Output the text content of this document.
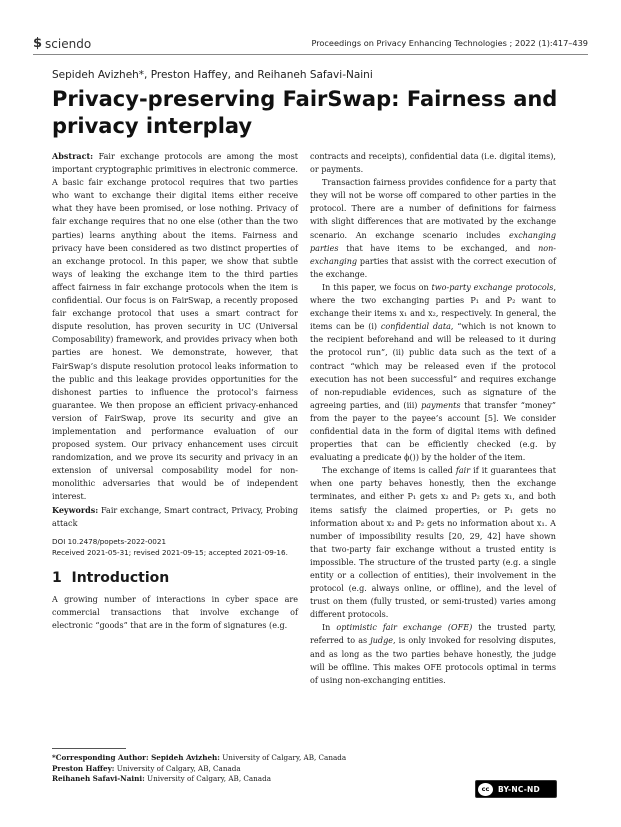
$ sciendo	Proceedings on Privacy Enhancing Technologies ; 2022 (1):417–439
Sepideh Avizheh*, Preston Haffey, and Reihaneh Safavi-Naini
Privacy-preserving FairSwap: Fairness and privacy interplay

Abstract: Fair exchange protocols are among the most important cryptographic primitives in electronic commerce. A basic fair exchange protocol requires that two parties who want to exchange their digital items either receive what they have been promised, or lose nothing. Privacy of fair exchange requires that no one else (other than the two parties) learns anything about the items. Fairness and privacy have been considered as two distinct properties of an exchange protocol. In this paper, we show that subtle ways of leaking the exchange item to the third parties affect fairness in fair exchange protocols when the item is confidential. Our focus is on FairSwap, a recently proposed fair exchange protocol that uses a smart contract for dispute resolution, has proven security in UC (Universal Composability) framework, and provides privacy when both parties are honest. We demonstrate, however, that FairSwap’s dispute resolution protocol leaks information to the public and this leakage provides opportunities for the dishonest parties to influence the protocol’s fairness guarantee. We then propose an efficient privacy-enhanced version of FairSwap, prove its security and give an implementation and performance evaluation of our proposed system. Our privacy enhancement uses circuit randomization, and we prove its security and privacy in an extension of universal composability model for non-monolithic adversaries that would be of independent interest.

Keywords: Fair exchange, Smart contract, Privacy, Probing attack

DOI 10.2478/popets-2022-0021
Received 2021-05-31; revised 2021-09-15; accepted 2021-09-16.
1 Introduction

A growing number of interactions in cyber space are commercial transactions that involve exchange of electronic “goods” that are in the form of signatures (e.g.

contracts and receipts), confidential data (i.e. digital items), or payments.

Transaction fairness provides confidence for a party that they will not be worse off compared to other parties in the protocol. There are a number of definitions for fairness with slight differences that are motivated by the exchange scenario. An exchange scenario includes exchanging parties that have items to be exchanged, and non-exchanging parties that assist with the correct execution of the exchange.

In this paper, we focus on two-party exchange protocols, where the two exchanging parties P₁ and P₂ want to exchange their items x₁ and x₂, respectively. In general, the items can be (i) confidential data, “which is not known to the recipient beforehand and will be released to it during the protocol run”, (ii) public data such as the text of a contract “which may be released even if the protocol execution has not been successful” and requires exchange of non-repudiable evidences, such as signature of the agreeing parties, and (iii) payments that transfer “money” from the payer to the payee’s account [5]. We consider confidential data in the form of digital items with defined properties that can be efficiently checked (e.g. by evaluating a predicate ϕ()) by the holder of the item.

The exchange of items is called fair if it guarantees that when one party behaves honestly, then the exchange terminates, and either P₁ gets x₂ and P₂ gets x₁, and both items satisfy the claimed properties, or P₁ gets no information about x₂ and P₂ gets no information about x₁. A number of impossibility results [20, 29, 42] have shown that two-party fair exchange without a trusted entity is impossible. The structure of the trusted party (e.g. a single entity or a collection of entities), their involvement in the protocol (e.g. always online, or offline), and the level of trust on them (fully trusted, or semi-trusted) varies among different protocols.

In optimistic fair exchange (OFE) the trusted party, referred to as judge, is only invoked for resolving disputes, and as long as the two parties behave honestly, the judge will be offline. This makes OFE protocols optimal in terms of using non-exchanging entities.

*Corresponding Author: Sepideh Avizheh: University of Calgary, AB, Canada
Preston Haffey: University of Calgary, AB, Canada
Reihaneh Safavi-Naini: University of Calgary, AB, Canada
cc	BY-NC-ND
